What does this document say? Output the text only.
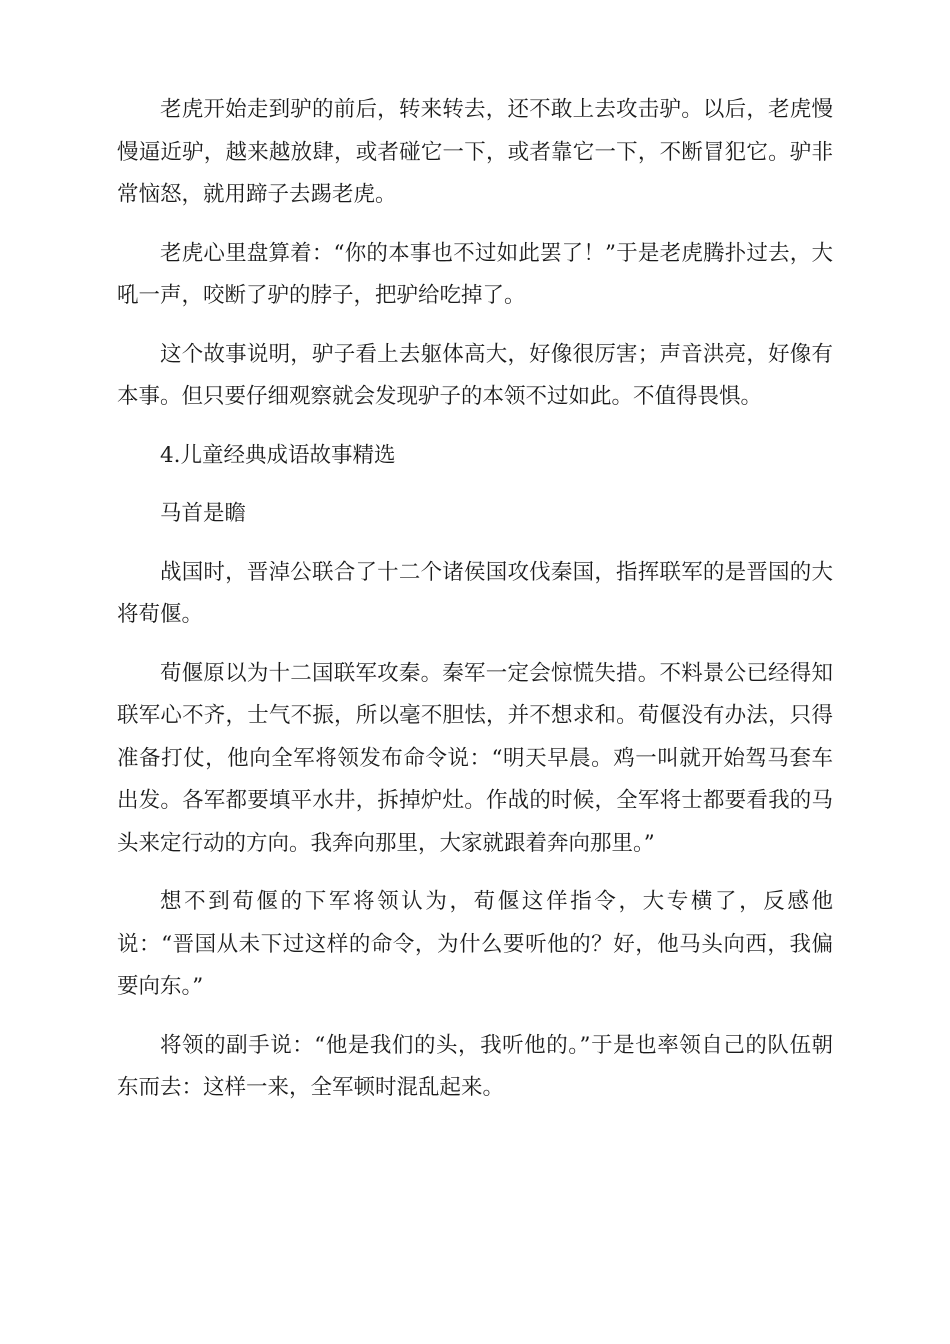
老虎开始走到驴的前后，转来转去，还不敢上去攻击驴。以后，老虎慢慢逼近驴，越来越放肆，或者碰它一下，或者靠它一下，不断冒犯它。驴非常恼怒，就用蹄子去踢老虎。

老虎心里盘算着：“你的本事也不过如此罢了！”于是老虎腾扑过去，大吼一声，咬断了驴的脖子，把驴给吃掉了。

这个故事说明，驴子看上去躯体高大，好像很厉害；声音洪亮，好像有本事。但只要仔细观察就会发现驴子的本领不过如此。不值得畏惧。

4.儿童经典成语故事精选

马首是瞻

战国时，晋淖公联合了十二个诸侯国攻伐秦国，指挥联军的是晋国的大将荀偃。

荀偃原以为十二国联军攻秦。秦军一定会惊慌失措。不料景公已经得知联军心不齐，士气不振，所以毫不胆怯，并不想求和。荀偃没有办法，只得准备打仗，他向全军将领发布命令说：“明天早晨。鸡一叫就开始驾马套车出发。各军都要填平水井，拆掉炉灶。作战的时候，全军将士都要看我的马头来定行动的方向。我奔向那里，大家就跟着奔向那里。”

想不到荀偃的下军将领认为，荀偃这佯指令，大专横了，反感他说：“晋国从未下过这样的命令，为什么要听他的？好，他马头向西，我偏要向东。”

将领的副手说：“他是我们的头，我听他的。”于是也率领自己的队伍朝东而去：这样一来，全军顿时混乱起来。
